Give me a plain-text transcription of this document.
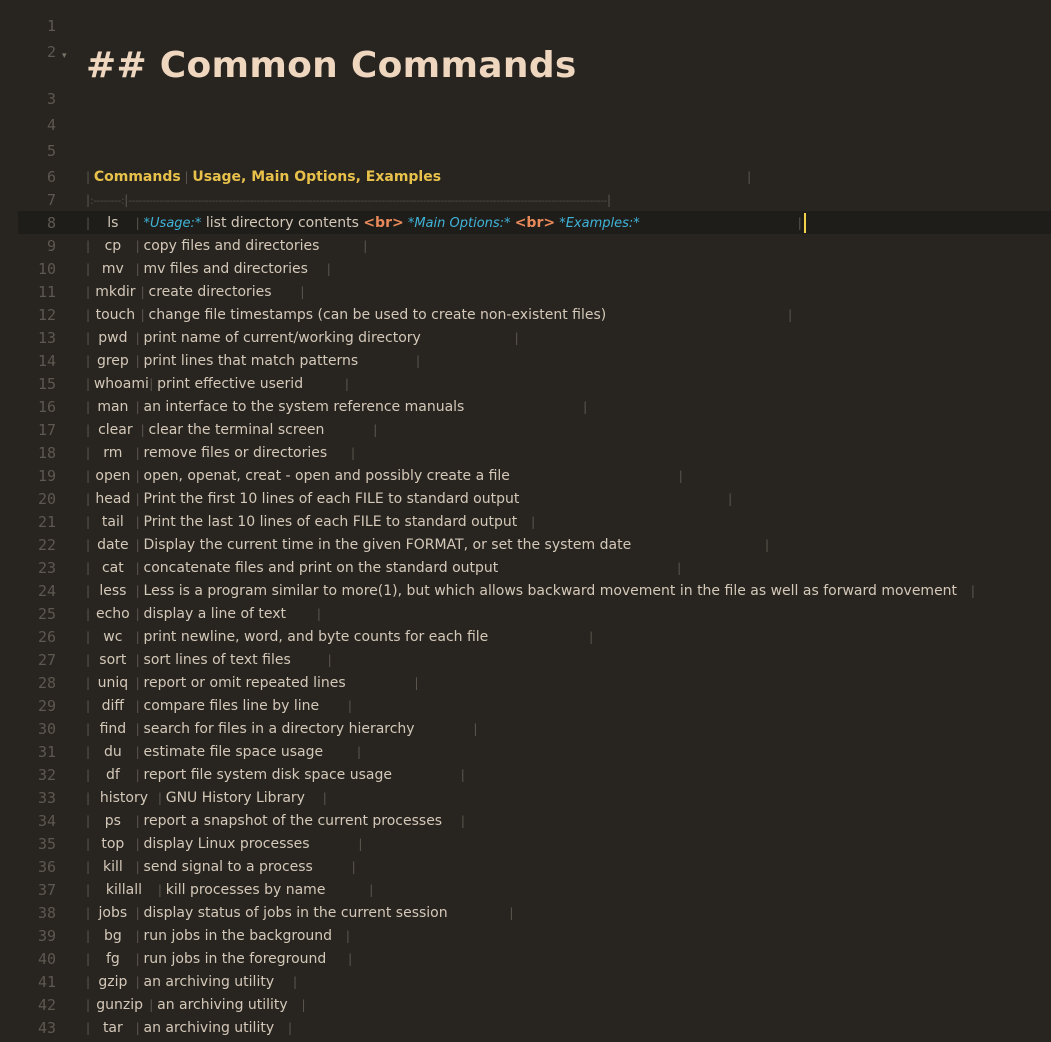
1
2
3
4
5
6
7
8
9
10
11
12
13
14
15
16
17
18
19
20
21
22
23
24
25
26
27
28
29
30
31
32
33
34
35
36
37
38
39
40
41
42
43
▾ ## Common Commands
| Commands | Usage, Main Options, Examples	|
|:--------:|------------------------------------------------------------------------------------------------------------------------------------------|
| ls | *Usage:* list directory contents <br> *Main Options:* <br> *Examples:*	|
| cp | copy files and directories	|
| mv | mv files and directories |
| mkdir | create directories |
| touch | change file timestamps (can be used to create non-existent files)	|
| pwd | print name of current/working directory	|
| grep | print lines that match patterns	|
| whoami | print effective userid	|
| man | an interface to the system reference manuals	|
| clear | clear the terminal screen	|
| rm | remove files or directories |
| open | open, openat, creat - open and possibly create a file	|
| head | Print the first 10 lines of each FILE to standard output	|
| tail | Print the last 10 lines of each FILE to standard output |
| date | Display the current time in the given FORMAT, or set the system date	|
| cat | concatenate files and print on the standard output	|
| less | Less is a program similar to more(1), but which allows backward movement in the file as well as forward movement |
| echo | display a line of text |
| wc | print newline, word, and byte counts for each file	|
| sort | sort lines of text files	|
| uniq | report or omit repeated lines	|
| diff | compare files line by line |
| find | search for files in a directory hierarchy	|
| du | estimate file space usage	|
| df | report file system disk space usage	|
| history | GNU History Library |
| ps | report a snapshot of the current processes |
| top | display Linux processes	|
| kill | send signal to a process	|
| killall | kill processes by name	|
| jobs | display status of jobs in the current session	|
| bg | run jobs in the background |
| fg | run jobs in the foreground |
| gzip | an archiving utility |
| gunzip | an archiving utility |
| tar | an archiving utility |
